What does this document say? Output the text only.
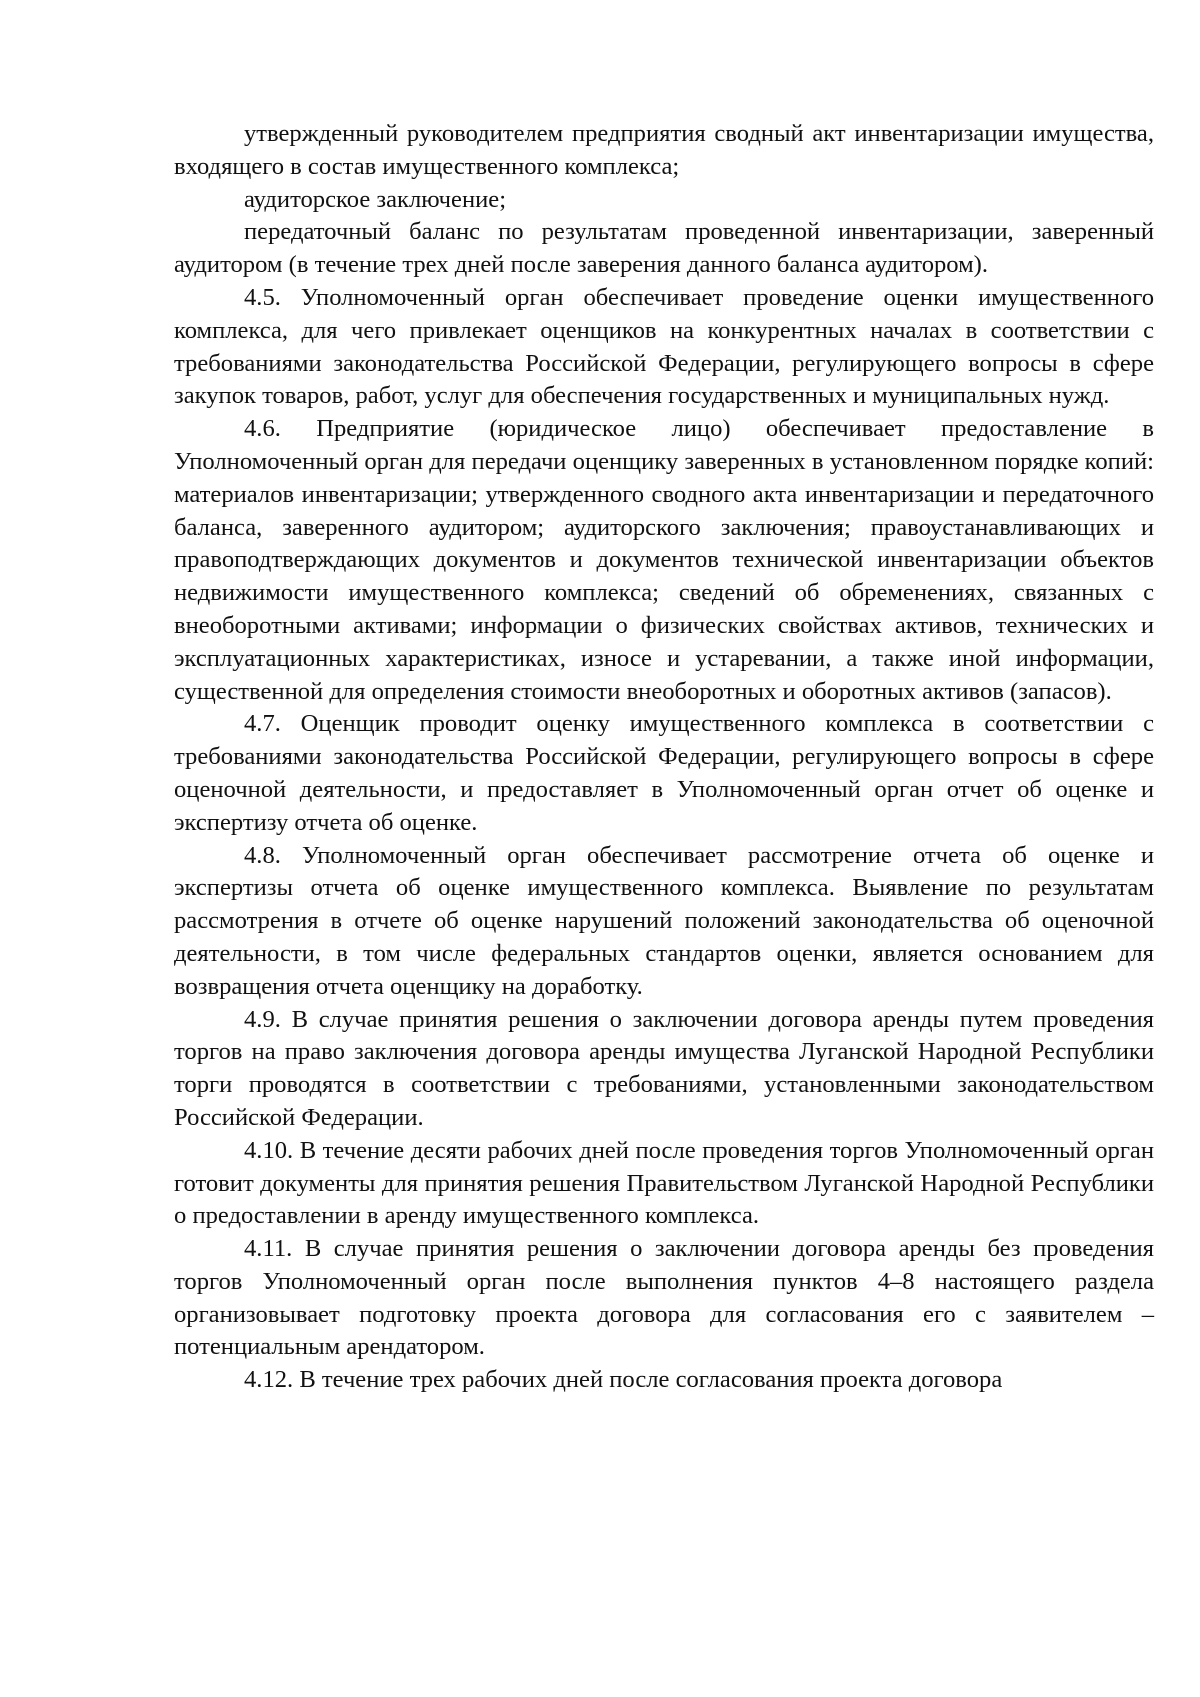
утвержденный руководителем предприятия сводный акт инвентаризации имущества, входящего в состав имущественного комплекса;

аудиторское заключение;

передаточный баланс по результатам проведенной инвентаризации, заверенный аудитором (в течение трех дней после заверения данного баланса аудитором).

4.5. Уполномоченный орган обеспечивает проведение оценки имущественного комплекса, для чего привлекает оценщиков на конкурентных началах в соответствии с требованиями законодательства Российской Федерации, регулирующего вопросы в сфере закупок товаров, работ, услуг для обеспечения государственных и муниципальных нужд.

4.6. Предприятие (юридическое лицо) обеспечивает предоставление в Уполномоченный орган для передачи оценщику заверенных в установленном порядке копий: материалов инвентаризации; утвержденного сводного акта инвентаризации и передаточного баланса, заверенного аудитором; аудиторского заключения; правоустанавливающих и правоподтверждающих документов и документов технической инвентаризации объектов недвижимости имущественного комплекса; сведений об обременениях, связанных с внеоборотными активами; информации о физических свойствах активов, технических и эксплуатационных характеристиках, износе и устаревании, а также иной информации, существенной для определения стоимости внеоборотных и оборотных активов (запасов).

4.7. Оценщик проводит оценку имущественного комплекса в соответствии с требованиями законодательства Российской Федерации, регулирующего вопросы в сфере оценочной деятельности, и предоставляет в Уполномоченный орган отчет об оценке и экспертизу отчета об оценке.

4.8. Уполномоченный орган обеспечивает рассмотрение отчета об оценке и экспертизы отчета об оценке имущественного комплекса. Выявление по результатам рассмотрения в отчете об оценке нарушений положений законодательства об оценочной деятельности, в том числе федеральных стандартов оценки, является основанием для возвращения отчета оценщику на доработку.

4.9. В случае принятия решения о заключении договора аренды путем проведения торгов на право заключения договора аренды имущества Луганской Народной Республики торги проводятся в соответствии с требованиями, установленными законодательством Российской Федерации.

4.10. В течение десяти рабочих дней после проведения торгов Уполномоченный орган готовит документы для принятия решения Правительством Луганской Народной Республики о предоставлении в аренду имущественного комплекса.

4.11. В случае принятия решения о заключении договора аренды без проведения торгов Уполномоченный орган после выполнения пунктов 4–8 настоящего раздела организовывает подготовку проекта договора для согласования его с заявителем – потенциальным арендатором.

4.12. В течение трех рабочих дней после согласования проекта договора
